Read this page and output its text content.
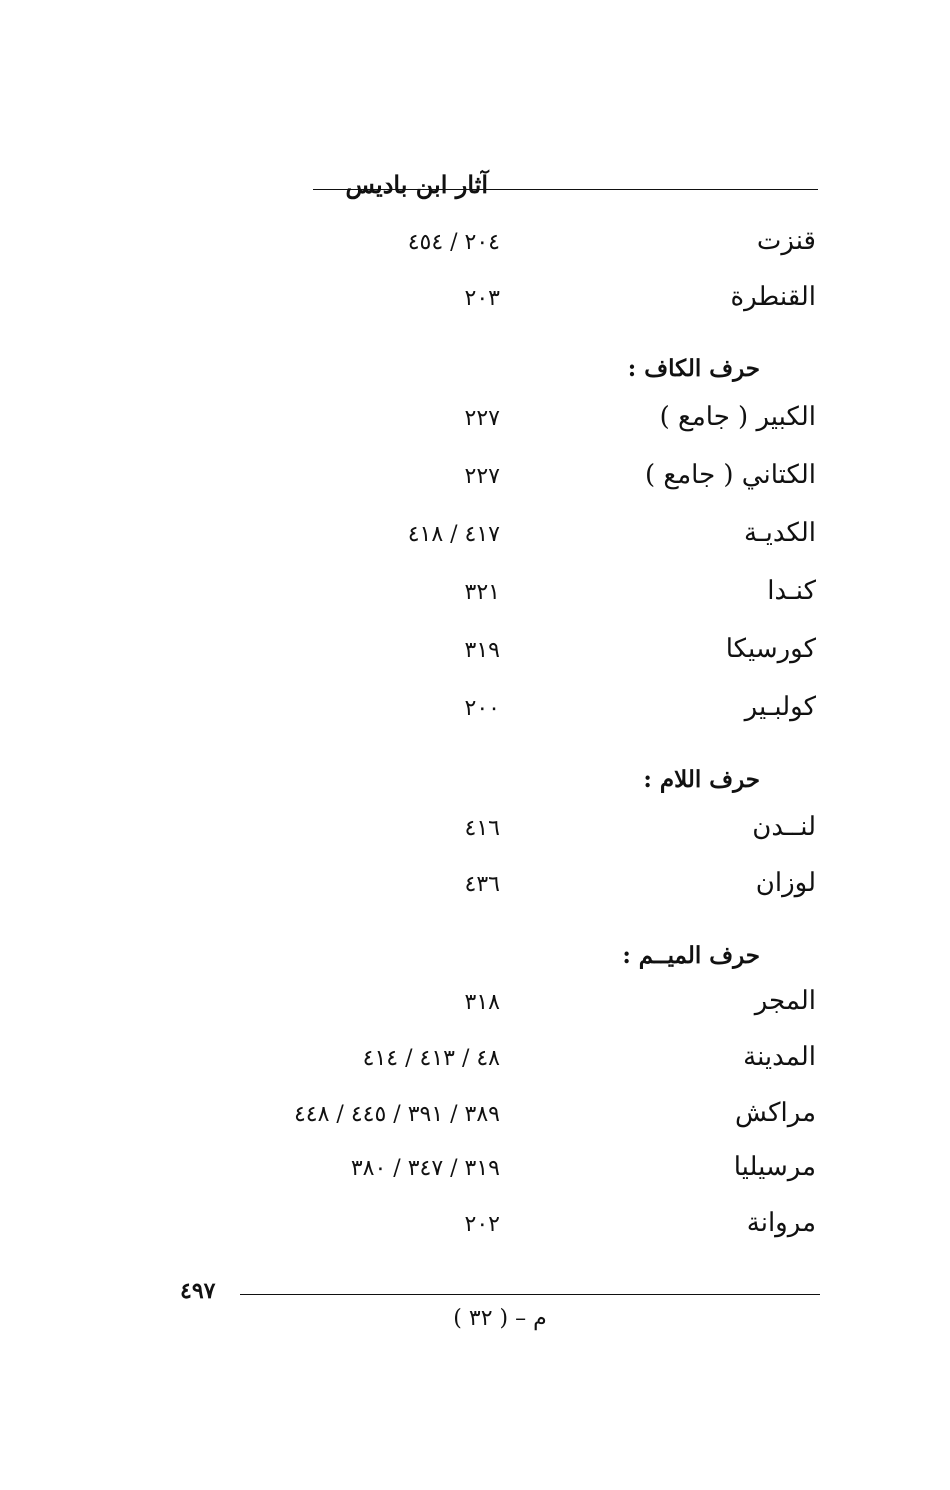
آثار ابن باديس
قنزت
٢٠٤ / ٤٥٤
القنطرة
٢٠٣
حرف الكاف :
الكبير ( جامع )
٢٢٧
الكتاني ( جامع )
٢٢٧
الكديـة
٤١٧ / ٤١٨
كنـدا
٣٢١
كورسيكا
٣١٩
كولبـير
٢٠٠
حرف اللام :
لنــدن
٤١٦
لوزان
٤٣٦
حرف الميــم :
المجر
٣١٨
المدينة
٤٨ / ٤١٣ / ٤١٤
مراكش
٣٨٩ / ٣٩١ / ٤٤٥ / ٤٤٨
مرسيليا
٣١٩ / ٣٤٧ / ٣٨٠
مروانة
٢٠٢
٤٩٧
م – ( ٣٢ )
